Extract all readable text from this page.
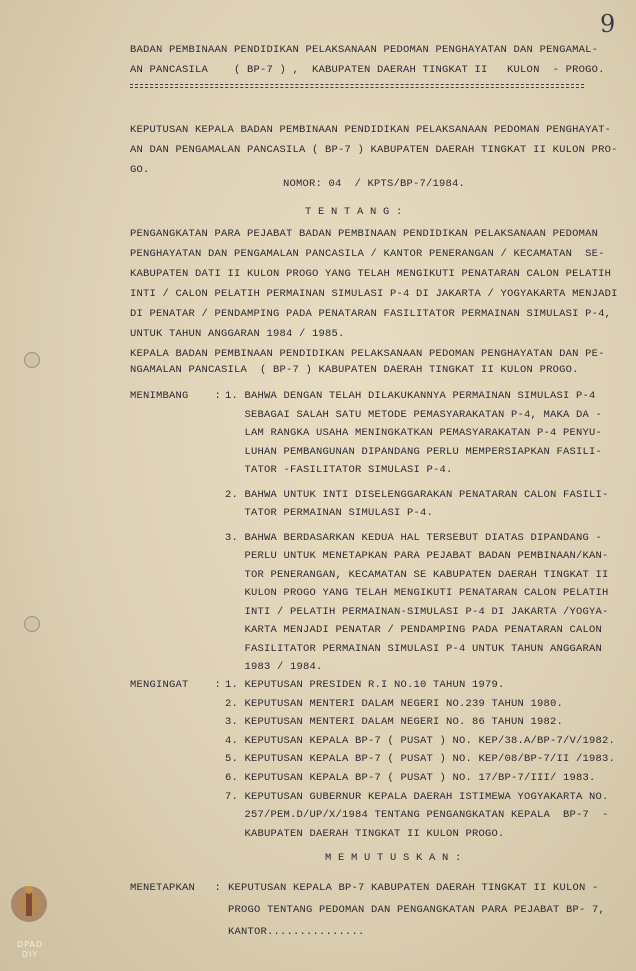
9
BADAN PEMBINAAN PENDIDIKAN PELAKSANAAN PEDOMAN PENGHAYATAN DAN PENGAMAL-
AN PANCASILA    ( BP-7 ) ,  KABUPATEN DAERAH TINGKAT II   KULON  - PROGO.
KEPUTUSAN KEPALA BADAN PEMBINAAN PENDIDIKAN PELAKSANAAN PEDOMAN PENGHAYAT-
AN DAN PENGAMALAN PANCASILA ( BP-7 ) KABUPATEN DAERAH TINGKAT II KULON PRO-
GO.
NOMOR: 04  / KPTS/BP-7/1984.
T E N T A N G :
PENGANGKATAN PARA PEJABAT BADAN PEMBINAAN PENDIDIKAN PELAKSANAAN PEDOMAN
PENGHAYATAN DAN PENGAMALAN PANCASILA / KANTOR PENERANGAN / KECAMATAN  SE-
KABUPATEN DATI II KULON PROGO YANG TELAH MENGIKUTI PENATARAN CALON PELATIH
INTI / CALON PELATIH PERMAINAN SIMULASI P-4 DI JAKARTA / YOGYAKARTA MENJADI
DI PENATAR / PENDAMPING PADA PENATARAN FASILITATOR PERMAINAN SIMULASI P-4,
UNTUK TAHUN ANGGARAN 1984 / 1985.
KEPALA BADAN PEMBINAAN PENDIDIKAN PELAKSANAAN PEDOMAN PENGHAYATAN DAN PE-
NGAMALAN PANCASILA  ( BP-7 ) KABUPATEN DAERAH TINGKAT II KULON PROGO.
MENIMBANG    : 1. BAHWA DENGAN TELAH DILAKUKANNYA PERMAINAN SIMULASI P-4
SEBAGAI SALAH SATU METODE PEMASYARAKATAN P-4, MAKA DA -
LAM RANGKA USAHA MENINGKATKAN PEMASYARAKATAN P-4 PENYU-
LUHAN PEMBANGUNAN DIPANDANG PERLU MEMPERSIAPKAN FASILI-
TATOR -FASILITATOR SIMULASI P-4.
2. BAHWA UNTUK INTI DISELENGGARAKAN PENATARAN CALON FASILI-
TATOR PERMAINAN SIMULASI P-4.
3. BAHWA BERDASARKAN KEDUA HAL TERSEBUT DIATAS DIPANDANG -
PERLU UNTUK MENETAPKAN PARA PEJABAT BADAN PEMBINAAN/KAN-
TOR PENERANGAN, KECAMATAN SE KABUPATEN DAERAH TINGKAT II
KULON PROGO YANG TELAH MENGIKUTI PENATARAN CALON PELATIH
INTI / PELATIH PERMAINAN-SIMULASI P-4 DI JAKARTA /YOGYA-
KARTA MENJADI PENATAR / PENDAMPING PADA PENATARAN CALON
FASILITATOR PERMAINAN SIMULASI P-4 UNTUK TAHUN ANGGARAN
1983 / 1984.
MENGINGAT    : 1. KEPUTUSAN PRESIDEN R.I NO.10 TAHUN 1979.
2. KEPUTUSAN MENTERI DALAM NEGERI NO.239 TAHUN 1980.
3. KEPUTUSAN MENTERI DALAM NEGERI NO. 86 TAHUN 1982.
4. KEPUTUSAN KEPALA BP-7 ( PUSAT ) NO. KEP/38.A/BP-7/V/1982.
5. KEPUTUSAN KEPALA BP-7 ( PUSAT ) NO. KEP/08/BP-7/II /1983.
6. KEPUTUSAN KEPALA BP-7 ( PUSAT ) NO. 17/BP-7/III/ 1983.
7. KEPUTUSAN GUBERNUR KEPALA DAERAH ISTIMEWA YOGYAKARTA NO.
257/PEM.D/UP/X/1984 TENTANG PENGANGKATAN KEPALA  BP-7  -
KABUPATEN DAERAH TINGKAT II KULON PROGO.
M E M U T U S K A N :
MENETAPKAN   : KEPUTUSAN KEPALA BP-7 KABUPATEN DAERAH TINGKAT II KULON -
PROGO TENTANG PEDOMAN DAN PENGANGKATAN PARA PEJABAT BP- 7,
KANTOR...............
DPAD
DIY
